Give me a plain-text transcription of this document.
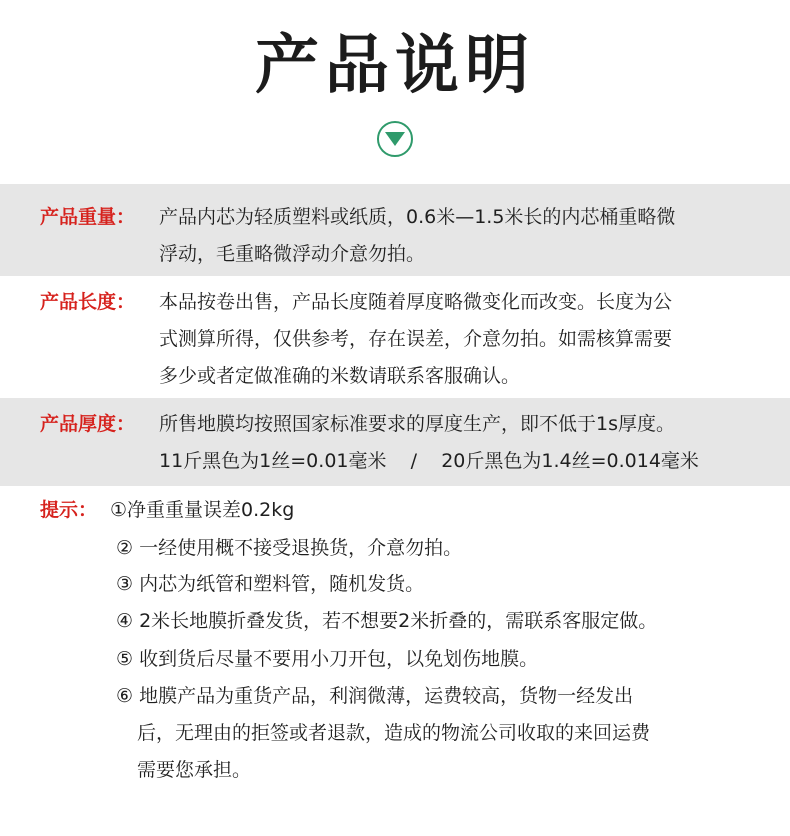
产品说明
产品重量： 产品内芯为轻质塑料或纸质，0.6米—1.5米长的内芯桶重略微
浮动，毛重略微浮动介意勿拍。
产品长度： 本品按卷出售，产品长度随着厚度略微变化而改变。长度为公
式测算所得，仅供参考，存在误差，介意勿拍。如需核算需要
多少或者定做准确的米数请联系客服确认。
产品厚度： 所售地膜均按照国家标准要求的厚度生产，即不低于1s厚度。
11斤黑色为1丝=0.01毫米    /    20斤黑色为1.4丝=0.014毫米
提示： ①净重重量误差0.2kg
② 一经使用概不接受退换货，介意勿拍。
③ 内芯为纸管和塑料管，随机发货。
④ 2米长地膜折叠发货，若不想要2米折叠的，需联系客服定做。
⑤ 收到货后尽量不要用小刀开包，以免划伤地膜。
⑥ 地膜产品为重货产品，利润微薄，运费较高，货物一经发出
后，无理由的拒签或者退款，造成的物流公司收取的来回运费
需要您承担。
